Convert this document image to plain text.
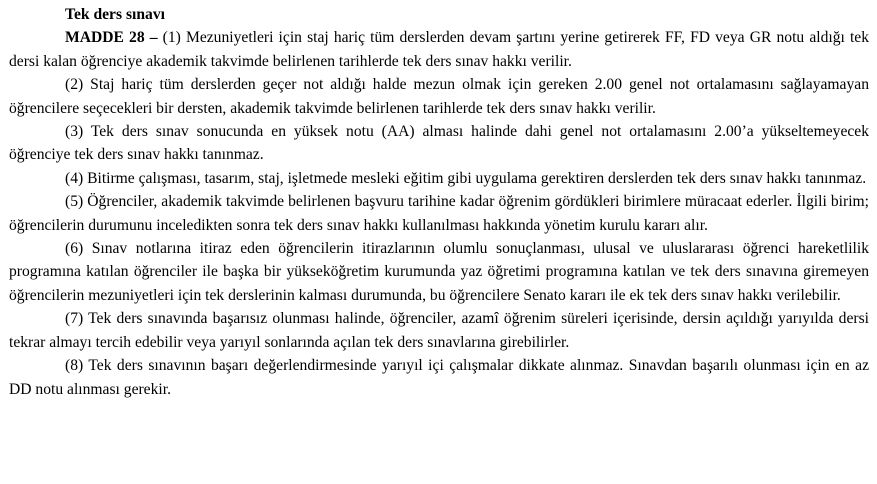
Tek ders sınavı

MADDE 28 – (1) Mezuniyetleri için staj hariç tüm derslerden devam şartını yerine getirerek FF, FD veya GR notu aldığı tek dersi kalan öğrenciye akademik takvimde belirlenen tarihlerde tek ders sınav hakkı verilir.

(2) Staj hariç tüm derslerden geçer not aldığı halde mezun olmak için gereken 2.00 genel not ortalamasını sağlayamayan öğrencilere seçecekleri bir dersten, akademik takvimde belirlenen tarihlerde tek ders sınav hakkı verilir.

(3) Tek ders sınav sonucunda en yüksek notu (AA) alması halinde dahi genel not ortalamasını 2.00’a yükseltemeyecek öğrenciye tek ders sınav hakkı tanınmaz.

(4) Bitirme çalışması, tasarım, staj, işletmede mesleki eğitim gibi uygulama gerektiren derslerden tek ders sınav hakkı tanınmaz.

(5) Öğrenciler, akademik takvimde belirlenen başvuru tarihine kadar öğrenim gördükleri birimlere müracaat ederler. İlgili birim; öğrencilerin durumunu inceledikten sonra tek ders sınav hakkı kullanılması hakkında yönetim kurulu kararı alır.

(6) Sınav notlarına itiraz eden öğrencilerin itirazlarının olumlu sonuçlanması, ulusal ve uluslararası öğrenci hareketlilik programına katılan öğrenciler ile başka bir yükseköğretim kurumunda yaz öğretimi programına katılan ve tek ders sınavına giremeyen öğrencilerin mezuniyetleri için tek derslerinin kalması durumunda, bu öğrencilere Senato kararı ile ek tek ders sınav hakkı verilebilir.

(7) Tek ders sınavında başarısız olunması halinde, öğrenciler, azamî öğrenim süreleri içerisinde, dersin açıldığı yarıyılda dersi tekrar almayı tercih edebilir veya yarıyıl sonlarında açılan tek ders sınavlarına girebilirler.

(8) Tek ders sınavının başarı değerlendirmesinde yarıyıl içi çalışmalar dikkate alınmaz. Sınavdan başarılı olunması için en az DD notu alınması gerekir.
